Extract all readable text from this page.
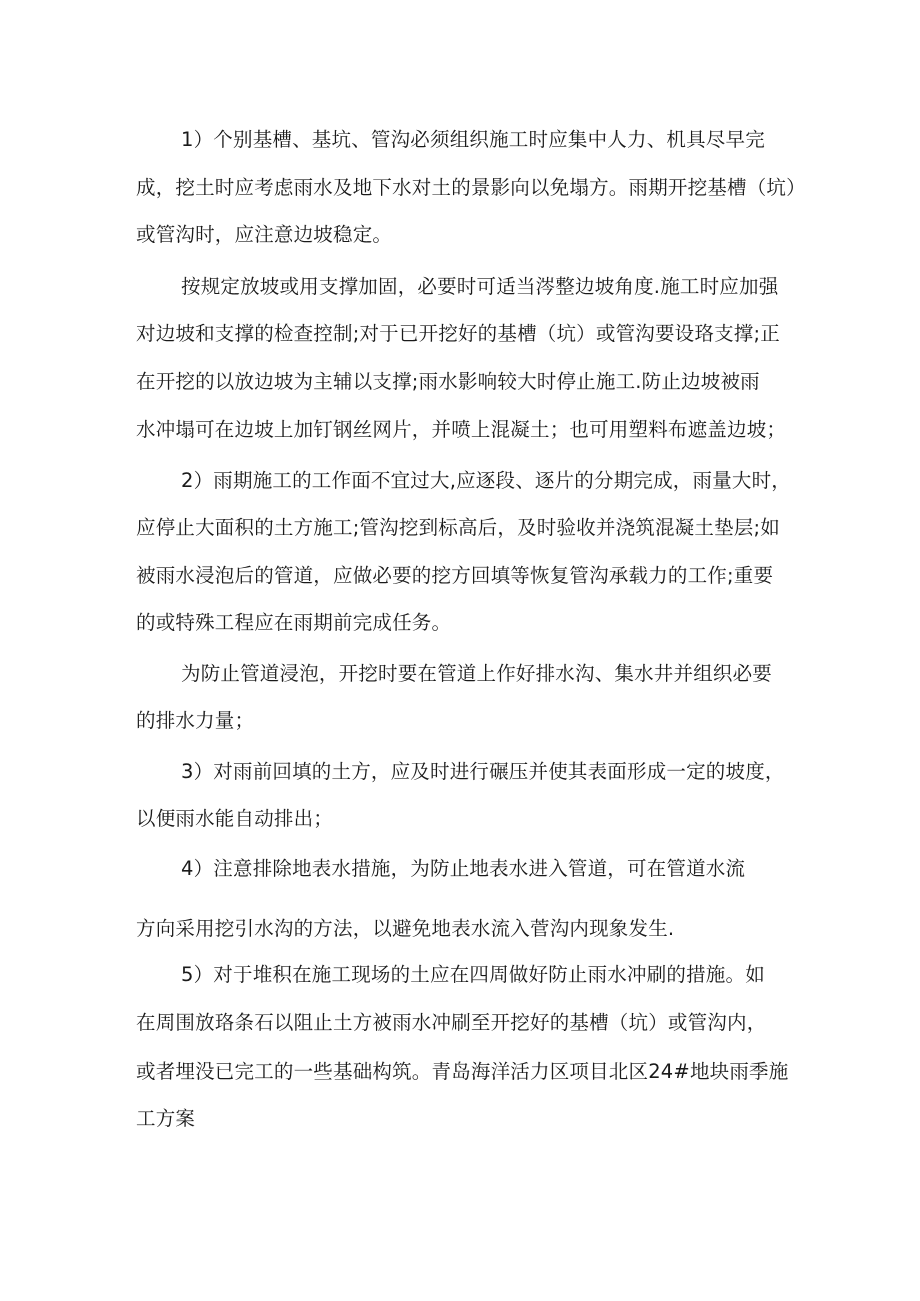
1）个别基槽、基坑、管沟必须组织施工时应集中人力、机具尽早完

成，挖土时应考虑雨水及地下水对土的景影向以免塌方。雨期开挖基槽（坑）

或管沟时，应注意边坡稳定。

按规定放坡或用支撑加固，必要时可适当涔整边坡角度.施工时应加强

对边坡和支撑的检查控制;对于已开挖好的基槽（坑）或管沟要设珞支撑;正

在开挖的以放边坡为主辅以支撑;雨水影响较大时停止施工.防止边坡被雨

水冲塌可在边坡上加钉钢丝网片，并喷上混凝土；也可用塑料布遮盖边坡；

2）雨期施工的工作面不宜过大,应逐段、逐片的分期完成，雨量大时，

应停止大面积的土方施工;管沟挖到标高后，及时验收并浇筑混凝土垫层;如

被雨水浸泡后的管道，应做必要的挖方回填等恢复管沟承载力的工作;重要

的或特殊工程应在雨期前完成任务。

为防止管道浸泡，开挖时要在管道上作好排水沟、集水井并组织必要

的排水力量；

3）对雨前回填的土方，应及时进行碾压并使其表面形成一定的坡度，

以便雨水能自动排出；

4）注意排除地表水措施，为防止地表水进入管道，可在管道水流

方向采用挖引水沟的方法，以避免地表水流入菅沟内现象发生.

5）对于堆积在施工现场的土应在四周做好防止雨水冲刷的措施。如

在周围放珞条石以阻止土方被雨水冲刷至开挖好的基槽（坑）或管沟内，

或者埋没已完工的一些基础构筑。青岛海洋活力区项目北区24#地块雨季施

工方案
